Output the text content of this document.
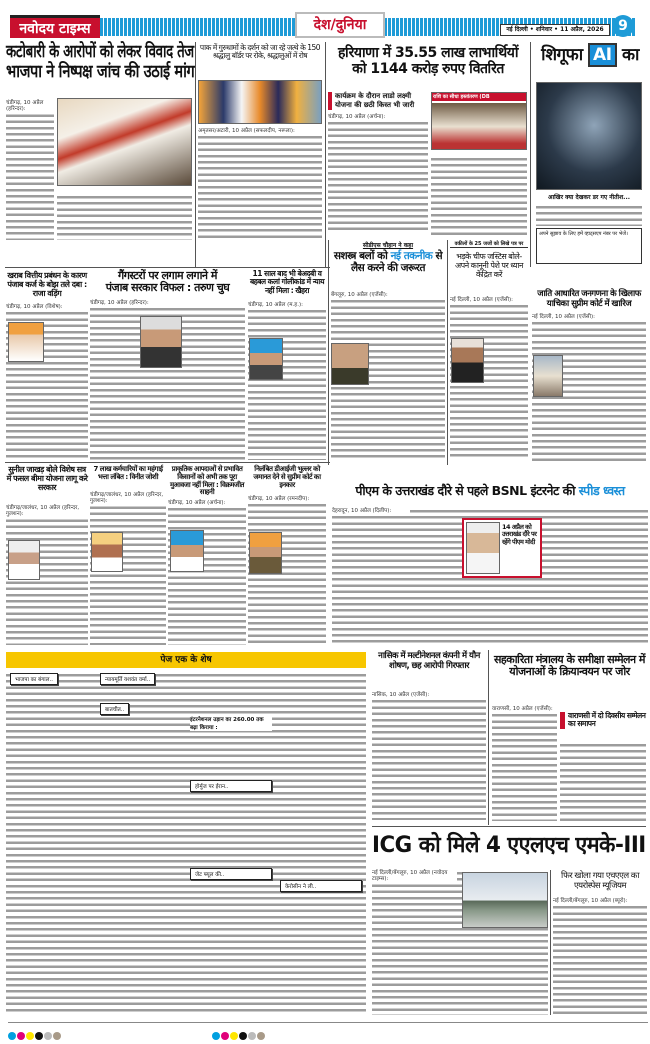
नवोदय टाइम्स	देश/दुनिया	नई दिल्ली • शनिवार • 11 अप्रैल, 2026	9
कटोबारी के आरोपों को लेकर विवाद तेज
भाजपा ने निष्पक्ष जांच की उठाई मांग
चंडीगढ़, 10 अप्रैल (हरिन्दर):
पाक में गुरुधामों के दर्शन को जा रहे जत्थे के 150 श्रद्धालु बॉर्डर पर रोके, श्रद्धालुओं में रोष
अमृतसर/अटारी, 10 अप्रैल (सफलदीप, नरूला):
हरियाणा में 35.55 लाख लाभार्थियों
को 1144 करोड़ रुपए वितरित
कार्यक्रम के दौरान लाडो लक्ष्मी योजना की छठी किस्त भी जारी
चंडीगढ़, 10 अप्रैल (अर्चना):
राशि का सीधा हस्तांतरण (DB
शिगूफा AI का
आखिर क्या देखकर डर गए नीतीश...
अपने सुझाव के लिए हमें व्हाट्सएप नंबर पर भेजें।
खराब वित्तीय प्रबंधन के कारण पंजाब कर्ज के बोझ तले दबा : राजा वड़िंग
चंडीगढ़, 10 अप्रैल (विशेष):
गैंगस्टरों पर लगाम लगाने में
पंजाब सरकार विफल : तरुण चुघ
चंडीगढ़, 10 अप्रैल (हरिन्दर):
11 साल बाद भी बेअदबी व बहबल कलां गोलीकांड में न्याय नहीं मिला : खैहरा
चंडीगढ़, 10 अप्रैल (म.ह.):
सीडीएस चौहान ने कहा
सशस्त्र बलों को नई तकनीक से लैस करने की जरूरत
बेंगलूरु, 10 अप्रैल (एजेंसी):
वकीलों के 25 जजों को लिखे पत्र पर
भड़के चीफ जस्टिस बोले-अपने कानूनी पेशे पर ध्यान केंद्रित करें
नई दिल्ली, 10 अप्रैल (एजेंसी):
जाति आधारित जनगणना के खिलाफ
याचिका सुप्रीम कोर्ट में खारिज
नई दिल्ली, 10 अप्रैल (एजेंसी):
सुनील जाखड़ बोले विशेष सत्र में फसल बीमा योजना लागू करे सरकार
चंडीगढ़/जालंधर, 10 अप्रैल (हरिन्दर, गुलशन):
7 लाख कर्मचारियों का महंगाई भत्ता लंबित : विनीत जोशी
चंडीगढ़/जालंधर, 10 अप्रैल (हरिन्दर, गुलशन):
प्राकृतिक आपदाओं से प्रभावित किसानों को अभी तक पूरा मुआवजा नहीं मिला : विक्रमजीत साहनी
चंडीगढ़, 10 अप्रैल (अर्चना):
निलंबित डीआईजी भुल्लर को जमानत देने से सुप्रीम कोर्ट का इनकार
चंडीगढ़, 10 अप्रैल (रमनदीप):
पीएम के उत्तराखंड दौरे से पहले BSNL इंटरनेट की स्पीड ध्वस्त
देहरादून, 10 अप्रैल (दिलीप):
14 अप्रैल को उत्तराखंड दौरे पर रहेंगे पीएम मोदी
पेज एक के शेष
भाजपा का बंगाल..	न्यायमूर्ति यशवंत वर्मा..
बातचीत..
होर्मुज पर ईरान..
जेट फ्यूल की..
केरोसीन ने ली..
इंटरनेशनल उड़ान का 260.00 तक बढ़ा किराया :
नासिक में मल्टीनेशनल कंपनी में यौन शोषण, छह आरोपी गिरफ्तार
नासिक, 10 अप्रैल (एजेंसी):
सहकारिता मंत्रालय के समीक्षा सम्मेलन में योजनाओं के क्रियान्वयन पर जोर
वाराणसी, 10 अप्रैल (एजेंसी):
वाराणसी में दो दिवसीय सम्मेलन का समापन
ICG को मिले 4 एएलएच एमके-III
नई दिल्ली/बेंगलूरु, 10 अप्रैल (नवोदय टाइम्स):	फिर खोला गया एचएएल का एयरोस्पेस म्यूजियम
नई दिल्ली/बेंगलूरु, 10 अप्रैल (ब्यूरो):
